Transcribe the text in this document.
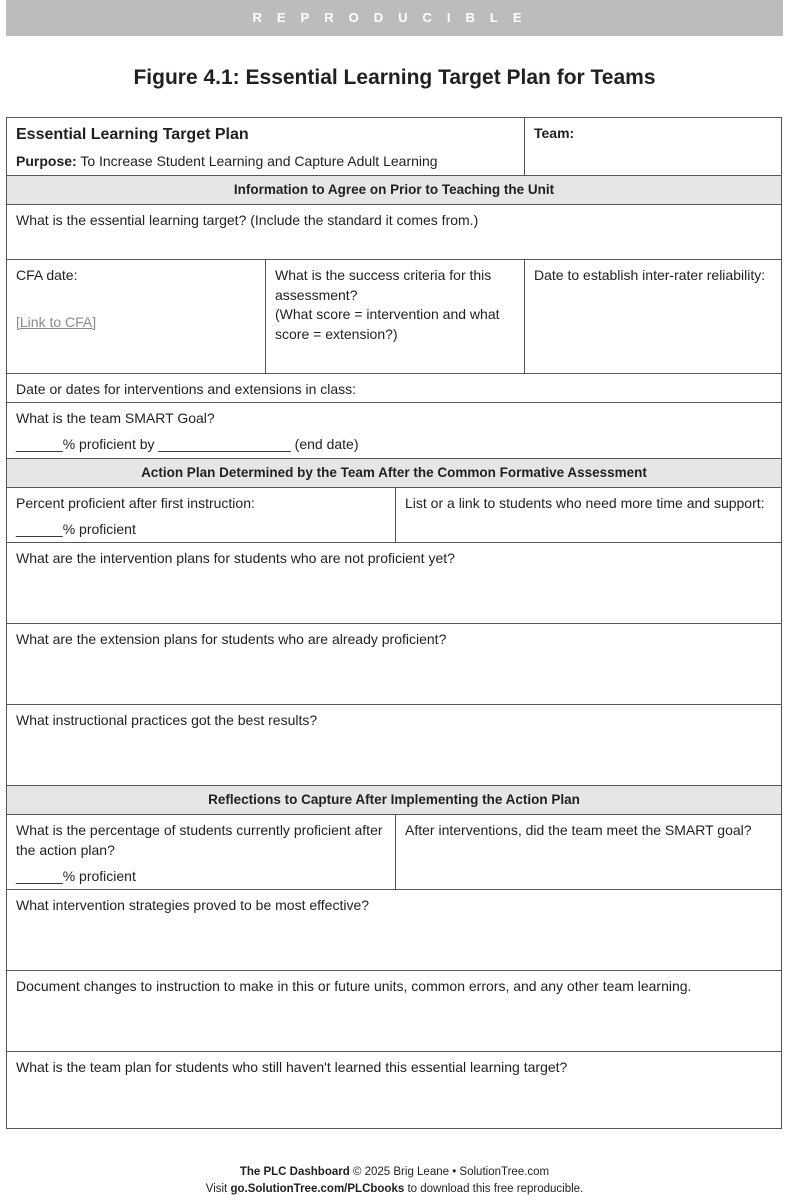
REPRODUCIBLE
Figure 4.1: Essential Learning Target Plan for Teams
Essential Learning Target Plan
Purpose: To Increase Student Learning and Capture Adult Learning
Team:
Information to Agree on Prior to Teaching the Unit
What is the essential learning target? (Include the standard it comes from.)
CFA date:
[Link to CFA]
What is the success criteria for this assessment?
(What score = intervention and what score = extension?)
Date to establish inter-rater reliability:
Date or dates for interventions and extensions in class:
What is the team SMART Goal?
______% proficient by _________________ (end date)
Action Plan Determined by the Team After the Common Formative Assessment
Percent proficient after first instruction:
______% proficient
List or a link to students who need more time and support:
What are the intervention plans for students who are not proficient yet?
What are the extension plans for students who are already proficient?
What instructional practices got the best results?
Reflections to Capture After Implementing the Action Plan
What is the percentage of students currently proficient after the action plan?
______% proficient
After interventions, did the team meet the SMART goal?
What intervention strategies proved to be most effective?
Document changes to instruction to make in this or future units, common errors, and any other team learning.
What is the team plan for students who still haven't learned this essential learning target?
The PLC Dashboard © 2025 Brig Leane • SolutionTree.com
Visit go.SolutionTree.com/PLCbooks to download this free reproducible.
